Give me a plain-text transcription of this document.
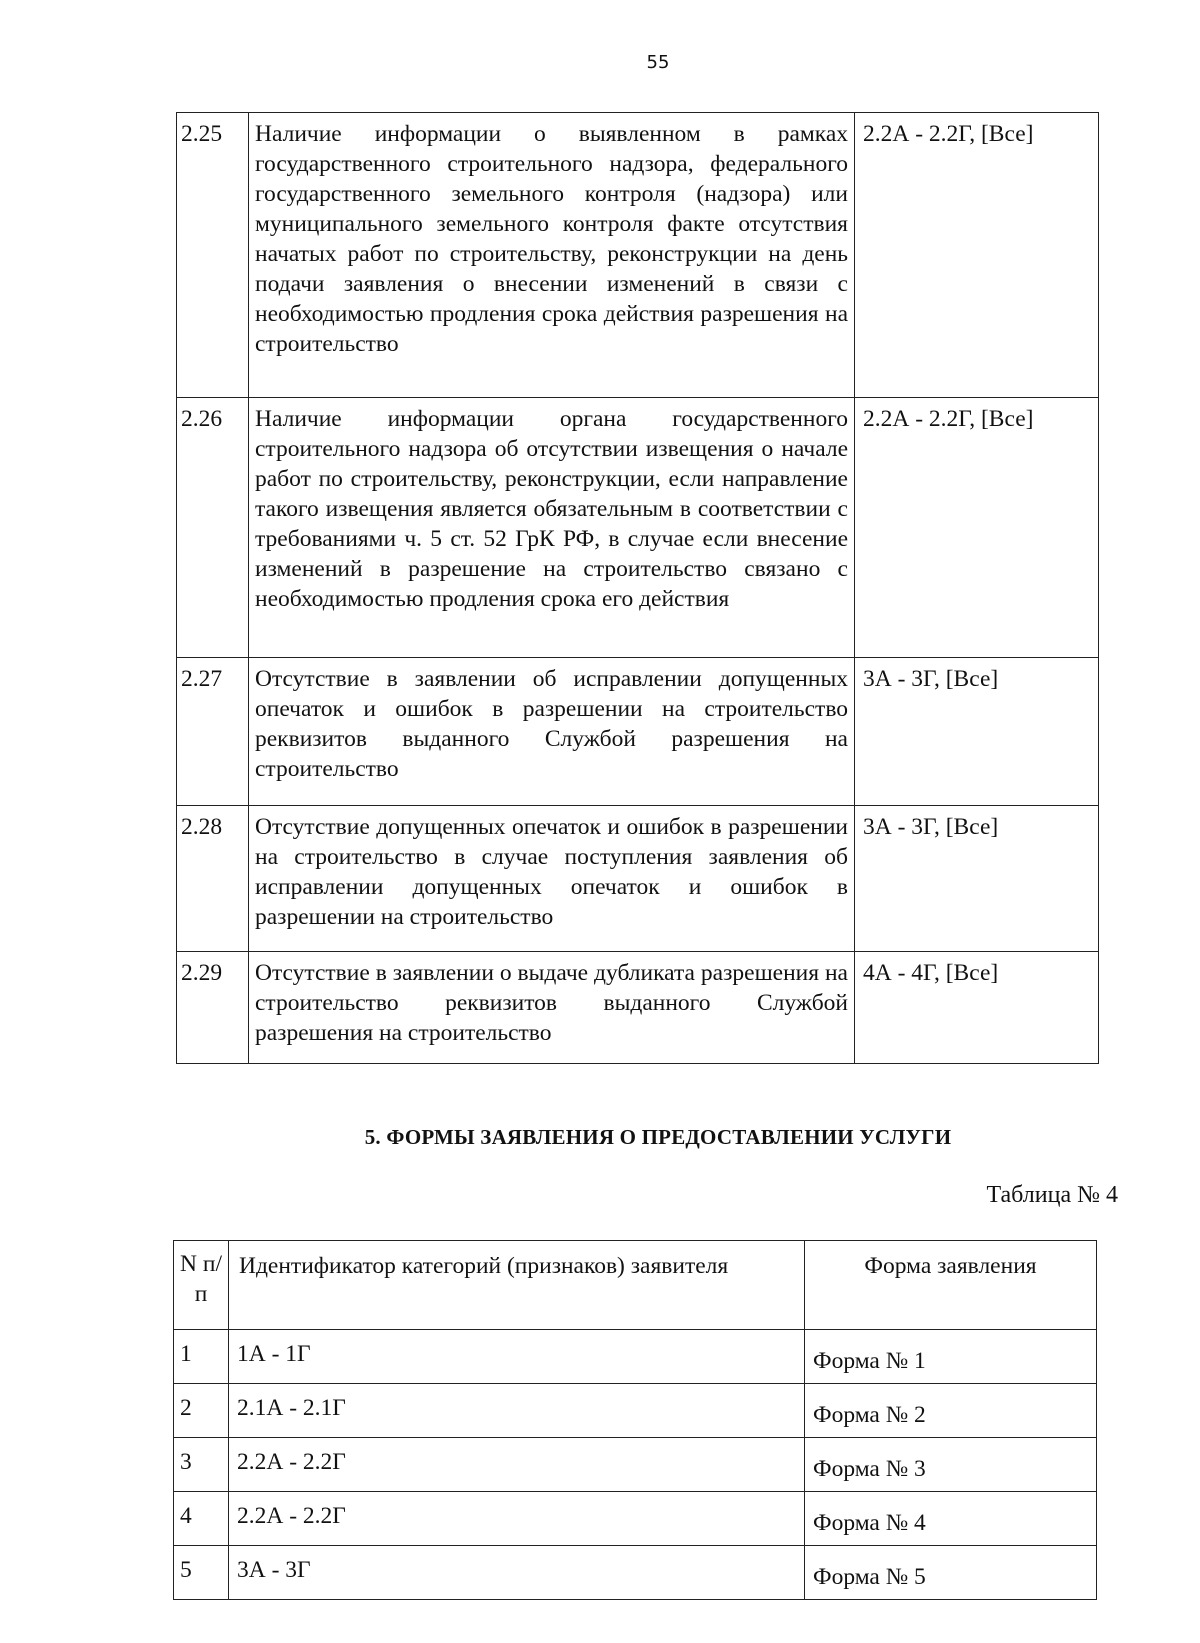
55
2.25	Наличие информации о выявленном в рамках государственного строительного надзора, федерального государственного земельного контроля (надзора) или муниципального земельного контроля факте отсутствия начатых работ по строительству, реконструкции на день подачи заявления о внесении изменений в связи с необходимостью продления срока действия разрешения на строительство	2.2А - 2.2Г, [Все]
2.26	Наличие информации органа государственного строительного надзора об отсутствии извещения о начале работ по строительству, реконструкции, если направление такого извещения является обязательным в соответствии с требованиями ч. 5 ст. 52 ГрК РФ, в случае если внесение изменений в разрешение на строительство связано с необходимостью продления срока его действия	2.2А - 2.2Г, [Все]
2.27	Отсутствие в заявлении об исправлении допущенных опечаток и ошибок в разрешении на строительство реквизитов выданного Службой разрешения на строительство	3А - 3Г, [Все]
2.28	Отсутствие допущенных опечаток и ошибок в разрешении на строительство в случае поступления заявления об исправлении допущенных опечаток и ошибок в разрешении на строительство	3А - 3Г, [Все]
2.29	Отсутствие в заявлении о выдаче дубликата разрешения на строительство реквизитов выданного Службой разрешения на строительство	4А - 4Г, [Все]
5. ФОРМЫ ЗАЯВЛЕНИЯ О ПРЕДОСТАВЛЕНИИ УСЛУГИ
Таблица № 4
N п/п	Идентификатор категорий (признаков) заявителя	Форма заявления
1	1А - 1Г	Форма № 1
2	2.1А - 2.1Г	Форма № 2
3	2.2А - 2.2Г	Форма № 3
4	2.2А - 2.2Г	Форма № 4
5	3А - 3Г	Форма № 5
